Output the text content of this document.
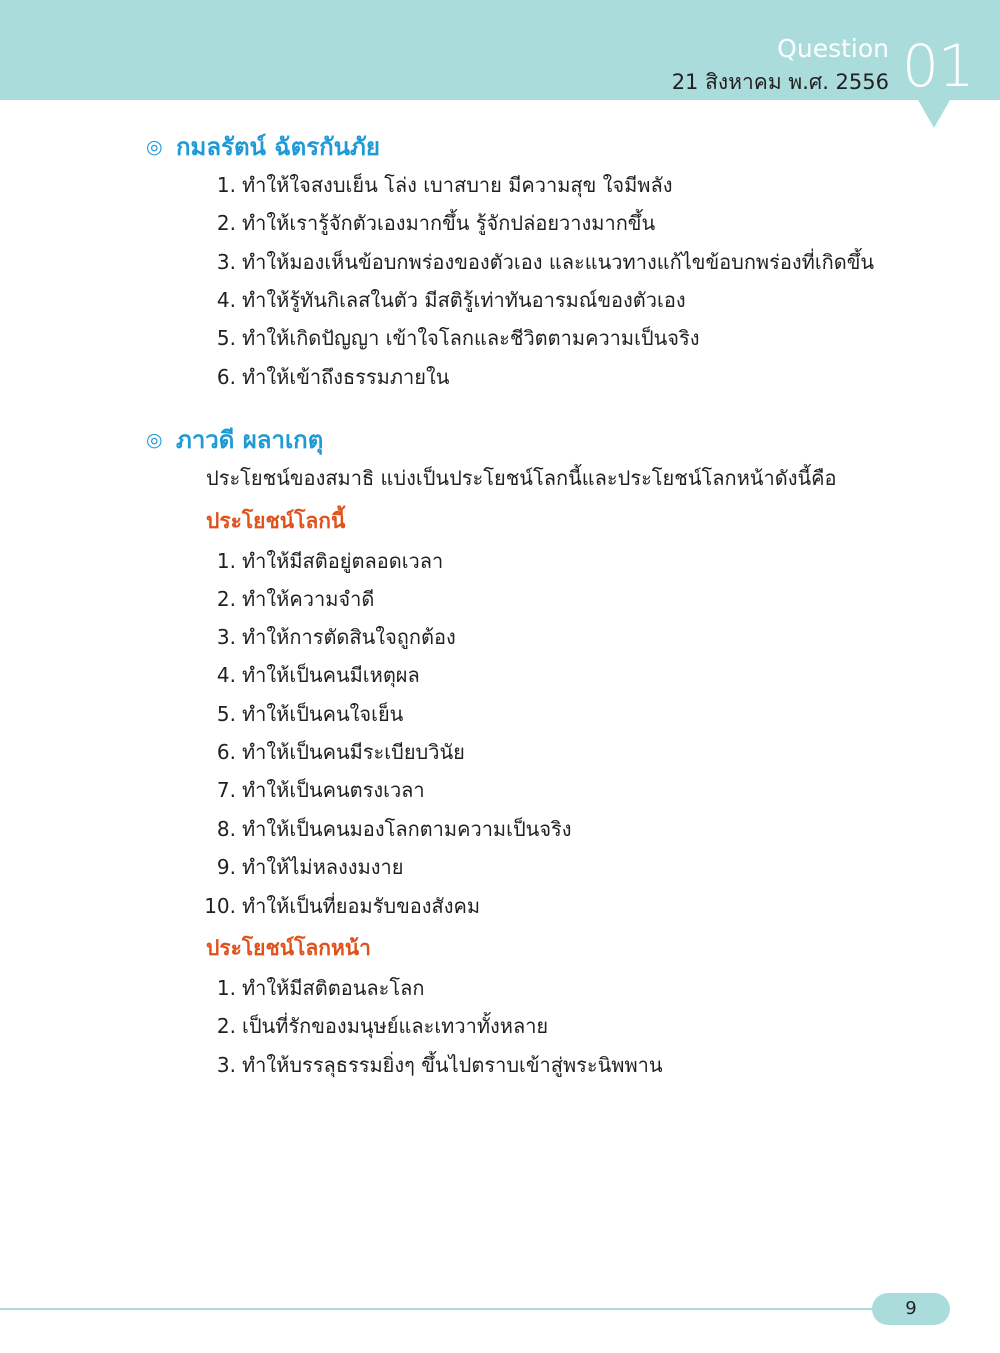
Question
21 สิงหาคม พ.ศ. 2556 01
◎ กมลรัตน์ ฉัตรกันภัย
1. ทำให้ใจสงบเย็น โล่ง เบาสบาย มีความสุข ใจมีพลัง
2. ทำให้เรารู้จักตัวเองมากขึ้น รู้จักปล่อยวางมากขึ้น
3. ทำให้มองเห็นข้อบกพร่องของตัวเอง และแนวทางแก้ไขข้อบกพร่องที่เกิดขึ้น
4. ทำให้รู้ทันกิเลสในตัว มีสติรู้เท่าทันอารมณ์ของตัวเอง
5. ทำให้เกิดปัญญา เข้าใจโลกและชีวิตตามความเป็นจริง
6. ทำให้เข้าถึงธรรมภายใน
◎ ภาวดี ผลาเกตุ
ประโยชน์ของสมาธิ แบ่งเป็นประโยชน์โลกนี้และประโยชน์โลกหน้าดังนี้คือ
ประโยชน์โลกนี้
1. ทำให้มีสติอยู่ตลอดเวลา
2. ทำให้ความจำดี
3. ทำให้การตัดสินใจถูกต้อง
4. ทำให้เป็นคนมีเหตุผล
5. ทำให้เป็นคนใจเย็น
6. ทำให้เป็นคนมีระเบียบวินัย
7. ทำให้เป็นคนตรงเวลา
8. ทำให้เป็นคนมองโลกตามความเป็นจริง
9. ทำให้ไม่หลงงมงาย
10. ทำให้เป็นที่ยอมรับของสังคม
ประโยชน์โลกหน้า
1. ทำให้มีสติตอนละโลก
2. เป็นที่รักของมนุษย์และเทวาทั้งหลาย
3. ทำให้บรรลุธรรมยิ่งๆ ขึ้นไปตราบเข้าสู่พระนิพพาน
9
